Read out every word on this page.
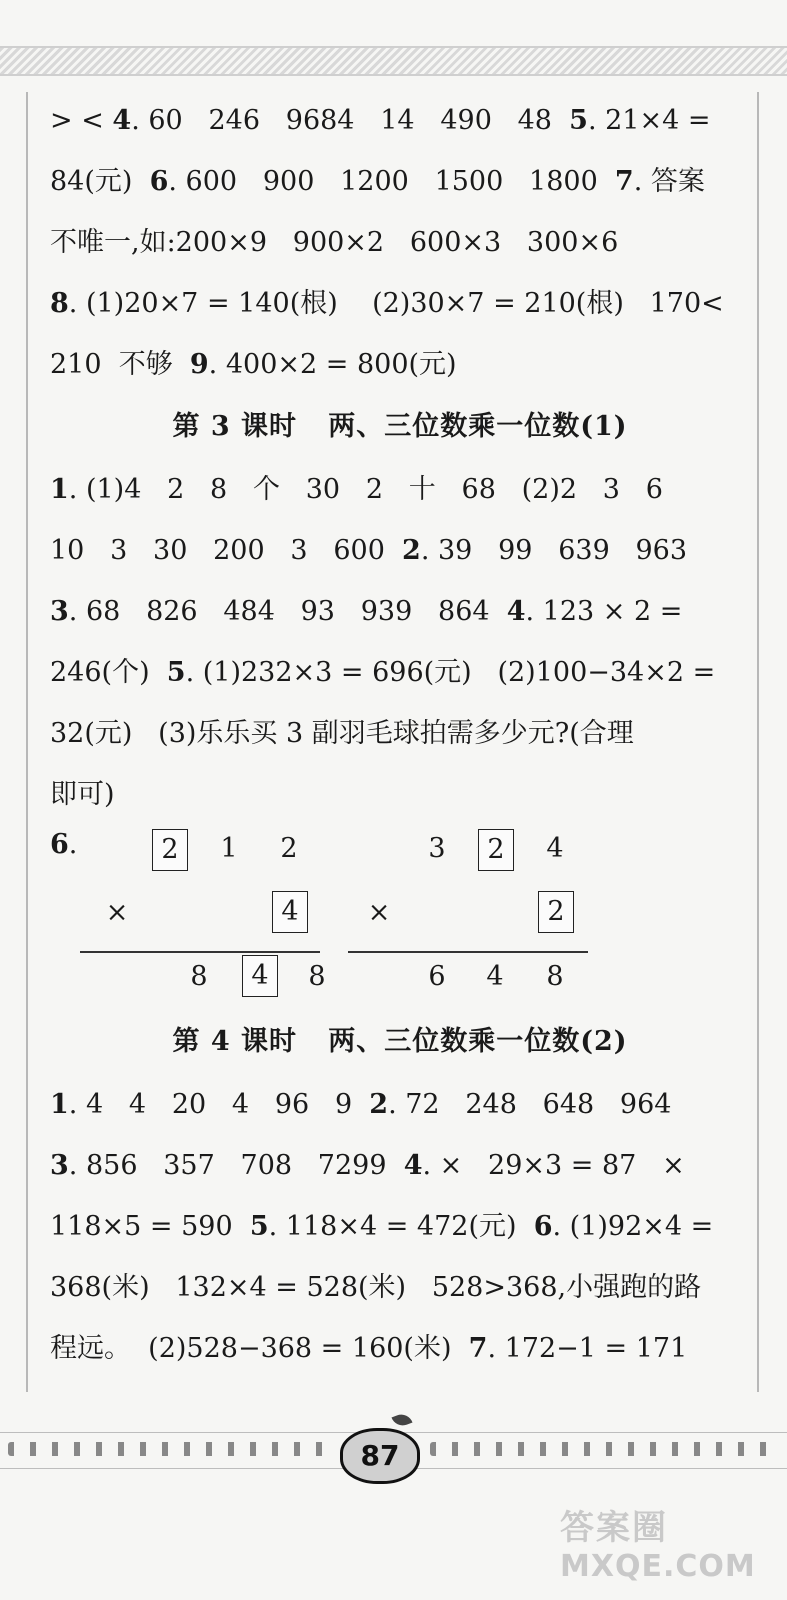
> < 4. 60   246   9684   14   490   48  5. 21×4 =
84(元)  6. 600   900   1200   1500   1800  7. 答案
不唯一,如:200×9   900×2   600×3   300×6
8. (1)20×7 = 140(根)    (2)30×7 = 210(根)   170<
210  不够  9. 400×2 = 800(元)
第 3 课时   两、三位数乘一位数(1)
1. (1)4   2   8   个   30   2   十   68   (2)2   3   6
10   3   30   200   3   600  2. 39   99   639   963
3. 68   826   484   93   939   864  4. 123 × 2 =
246(个)  5. (1)232×3 = 696(元)   (2)100−34×2 =
32(元)   (3)乐乐买 3 副羽毛球拍需多少元?(合理
即可)
6.	2	1	2
×	4
8	4	8
3	2	4
×	2
6	4	8
第 4 课时   两、三位数乘一位数(2)
1. 4   4   20   4   96   9  2. 72   248   648   964
3. 856   357   708   7299  4. ×   29×3 = 87   ×
118×5 = 590  5. 118×4 = 472(元)  6. (1)92×4 =
368(米)   132×4 = 528(米)   528>368,小强跑的路
程远。  (2)528−368 = 160(米)  7. 172−1 = 171
87
答案圈
MXQE.COM
